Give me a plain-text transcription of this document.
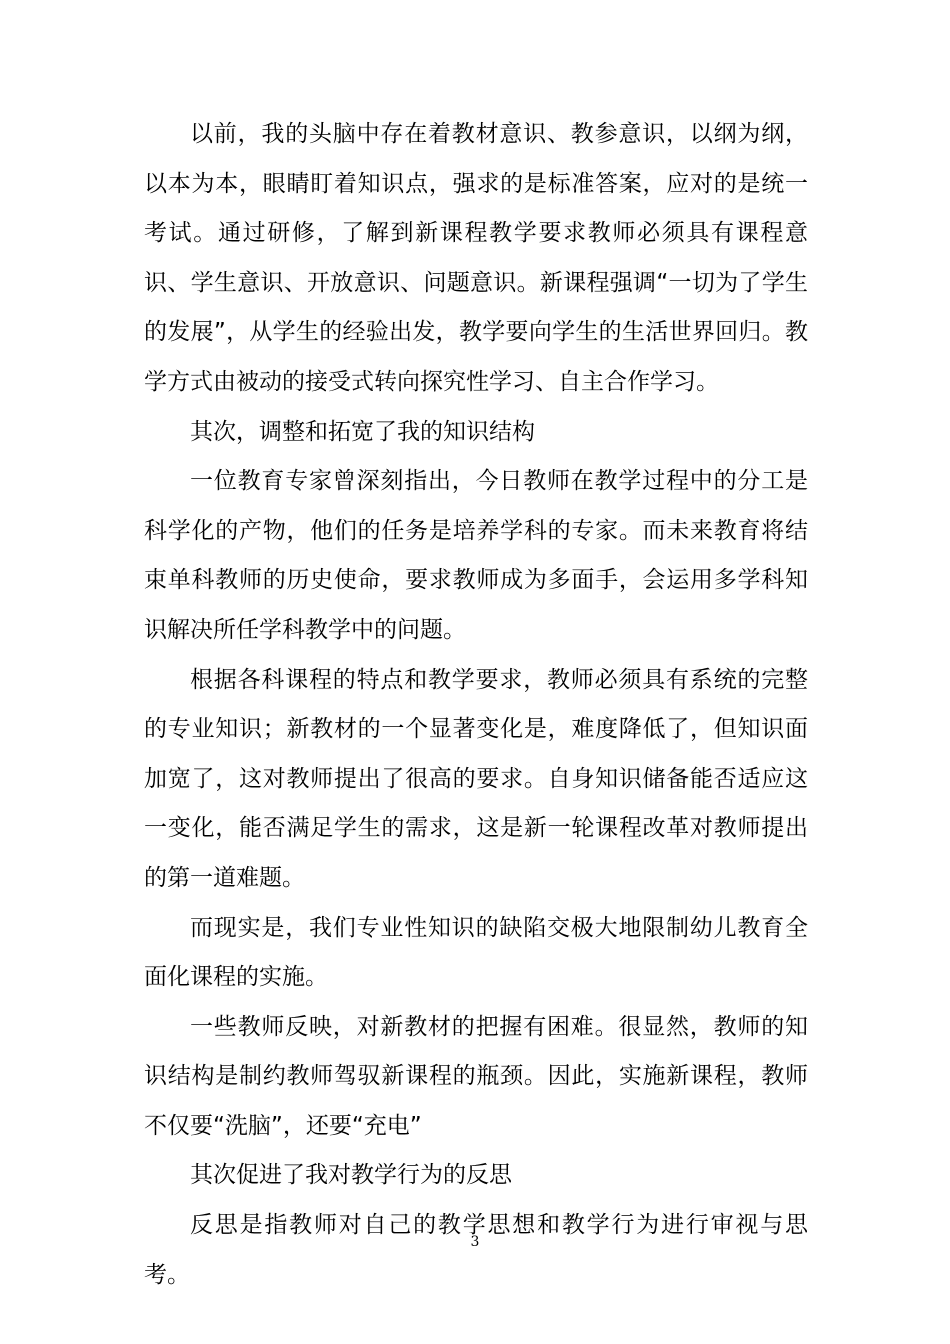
以前，我的头脑中存在着教材意识、教参意识，以纲为纲，以本为本，眼睛盯着知识点，强求的是标准答案，应对的是统一考试。通过研修，了解到新课程教学要求教师必须具有课程意识、学生意识、开放意识、问题意识。新课程强调“一切为了学生的发展”，从学生的经验出发，教学要向学生的生活世界回归。教学方式由被动的接受式转向探究性学习、自主合作学习。

其次，调整和拓宽了我的知识结构

一位教育专家曾深刻指出，今日教师在教学过程中的分工是科学化的产物，他们的任务是培养学科的专家。而未来教育将结束单科教师的历史使命，要求教师成为多面手，会运用多学科知识解决所任学科教学中的问题。

根据各科课程的特点和教学要求，教师必须具有系统的完整的专业知识；新教材的一个显著变化是，难度降低了，但知识面加宽了，这对教师提出了很高的要求。自身知识储备能否适应这一变化，能否满足学生的需求，这是新一轮课程改革对教师提出的第一道难题。

而现实是，我们专业性知识的缺陷交极大地限制幼儿教育全面化课程的实施。

一些教师反映，对新教材的把握有困难。很显然，教师的知识结构是制约教师驾驭新课程的瓶颈。因此，实施新课程，教师不仅要“洗脑”，还要“充电”

其次促进了我对教学行为的反思

反思是指教师对自己的教学思想和教学行为进行审视与思考。

3
